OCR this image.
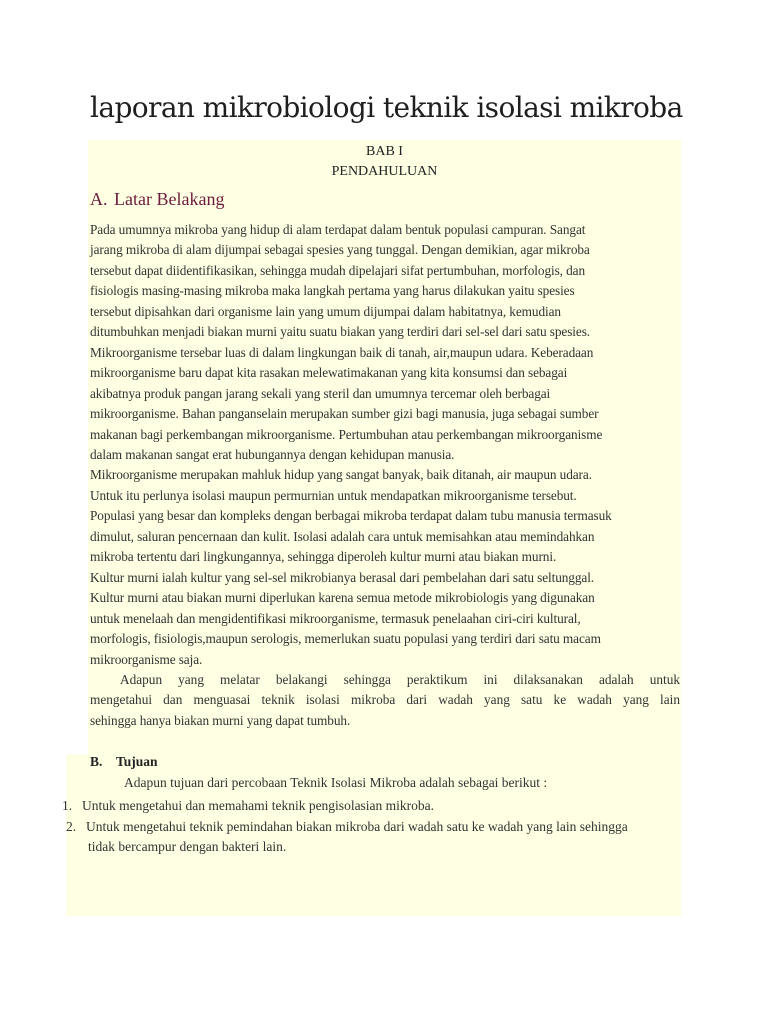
laporan mikrobiologi teknik isolasi mikroba
BAB I
PENDAHULUAN
A. Latar Belakang
Pada umumnya mikroba yang hidup di alam terdapat dalam bentuk populasi campuran. Sangat
jarang mikroba di alam dijumpai sebagai spesies yang tunggal. Dengan demikian, agar mikroba
tersebut dapat diidentifikasikan, sehingga mudah dipelajari sifat pertumbuhan, morfologis, dan
fisiologis masing-masing mikroba maka langkah pertama yang harus dilakukan yaitu spesies
tersebut dipisahkan dari organisme lain yang umum dijumpai dalam habitatnya, kemudian
ditumbuhkan menjadi biakan murni yaitu suatu biakan yang terdiri dari sel-sel dari satu spesies.
Mikroorganisme tersebar luas di dalam lingkungan baik di tanah, air,maupun udara. Keberadaan
mikroorganisme baru dapat kita rasakan melewatimakanan yang kita konsumsi dan sebagai
akibatnya produk pangan jarang sekali yang steril dan umumnya tercemar oleh berbagai
mikroorganisme. Bahan panganselain merupakan sumber gizi bagi manusia, juga sebagai sumber
makanan bagi perkembangan mikroorganisme. Pertumbuhan atau perkembangan mikroorganisme
dalam makanan sangat erat hubungannya dengan kehidupan manusia.
Mikroorganisme merupakan mahluk hidup yang sangat banyak, baik ditanah, air maupun udara.
Untuk itu perlunya isolasi maupun permurnian untuk mendapatkan mikroorganisme tersebut.
Populasi yang besar dan kompleks dengan berbagai mikroba terdapat dalam tubu manusia termasuk
dimulut, saluran pencernaan dan kulit. Isolasi adalah cara untuk memisahkan atau memindahkan
mikroba tertentu dari lingkungannya, sehingga diperoleh kultur murni atau biakan murni.
Kultur murni ialah kultur yang sel-sel mikrobianya berasal dari pembelahan dari satu seltunggal.
Kultur murni atau biakan murni diperlukan karena semua metode mikrobiologis yang digunakan
untuk menelaah dan mengidentifikasi mikroorganisme, termasuk penelaahan ciri-ciri kultural,
morfologis, fisiologis,maupun serologis, memerlukan suatu populasi yang terdiri dari satu macam
mikroorganisme saja.
Adapun yang melatar belakangi sehingga peraktikum ini dilaksanakan adalah untuk
mengetahui dan menguasai teknik isolasi mikroba dari wadah yang satu ke wadah yang lain
sehingga hanya biakan murni yang dapat tumbuh.
B. Tujuan
Adapun tujuan dari percobaan Teknik Isolasi Mikroba adalah sebagai berikut :
1. Untuk mengetahui dan memahami teknik pengisolasian mikroba.
2. Untuk mengetahui teknik pemindahan biakan mikroba dari wadah satu ke wadah yang lain sehingga
tidak bercampur dengan bakteri lain.
